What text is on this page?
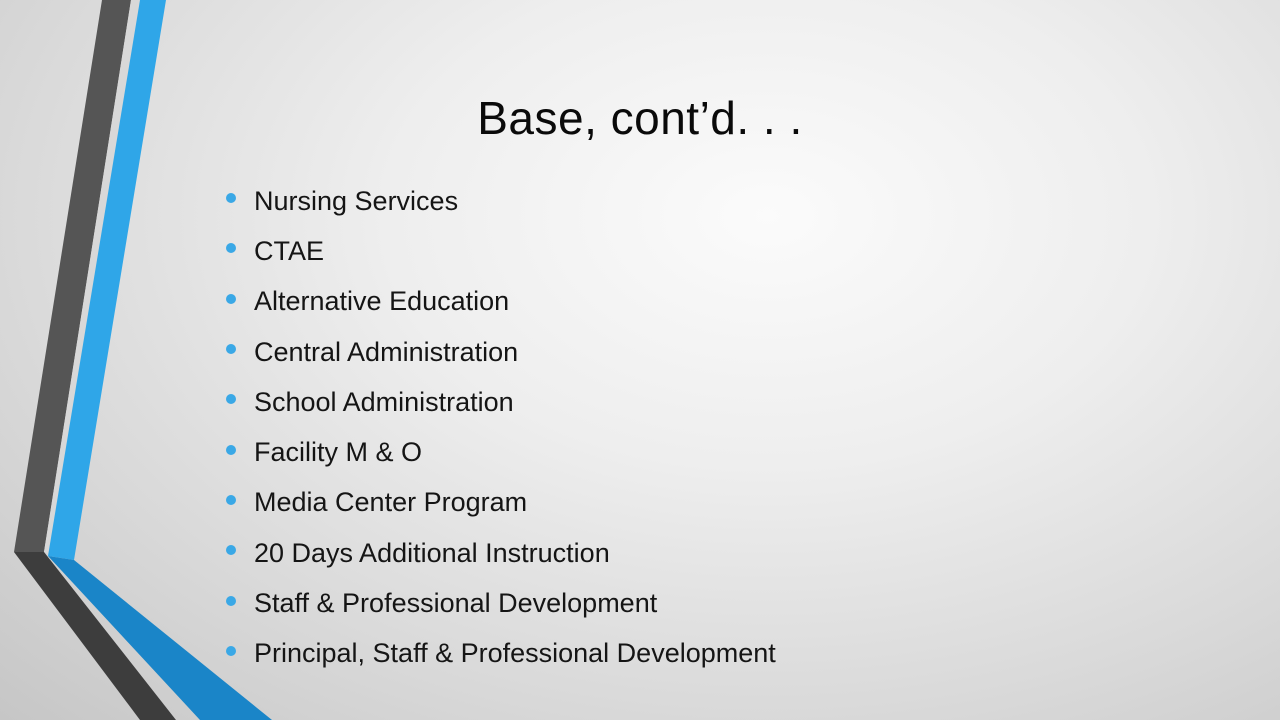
Base, cont’d. . .
Nursing Services
CTAE
Alternative Education
Central Administration
School Administration
Facility M & O
Media Center Program
20 Days Additional Instruction
Staff & Professional Development
Principal, Staff & Professional Development
